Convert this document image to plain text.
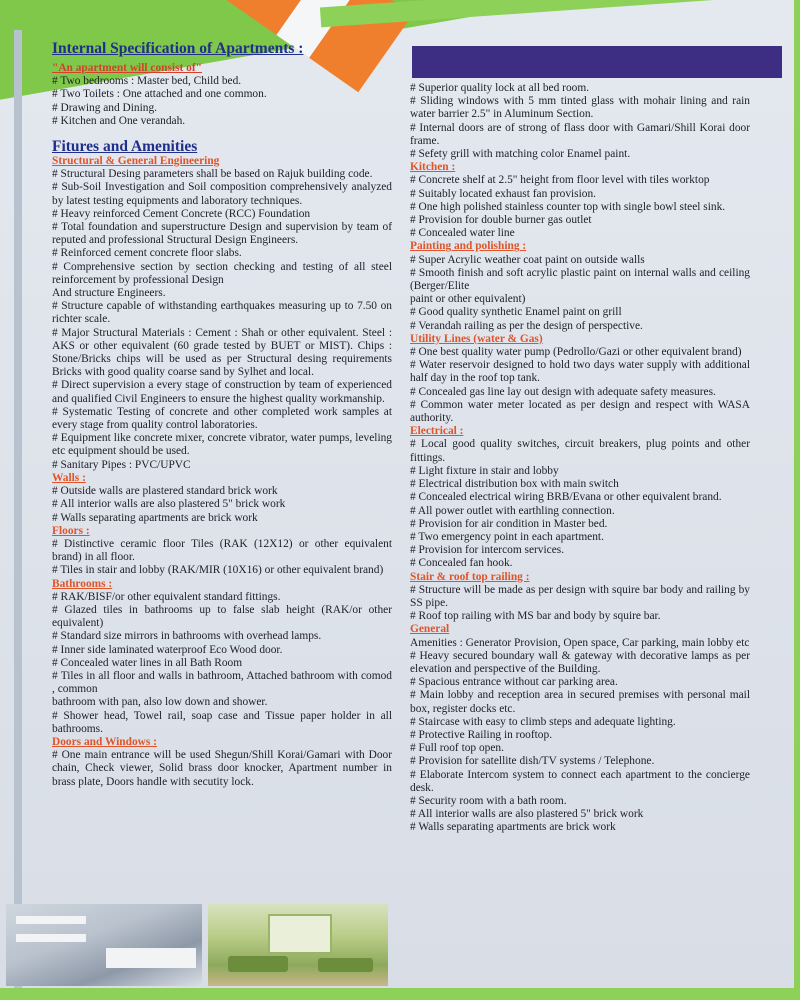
Internal Specification of Apartments :

"An apartment will consist of"

# Two bedrooms : Master bed, Child bed.

# Two Toilets : One attached and one common.

# Drawing and Dining.

# Kitchen and One verandah.

Fitures and Amenities

Structural & General Engineering

# Structural Desing parameters shall be based on Rajuk building code.

# Sub-Soil Investigation and Soil composition comprehensively analyzed by latest testing equipments and laboratory techniques.

# Heavy reinforced Cement Concrete (RCC) Foundation

# Total foundation and superstructure Design and supervision by team of reputed and professional Structural Design Engineers.

# Reinforced cement concrete floor slabs.

# Comprehensive section by section checking and testing of all steel reinforcement by professional Design

And structure Engineers.

# Structure capable of withstanding earthquakes measuring up to 7.50 on richter scale.

# Major Structural Materials : Cement : Shah or other equivalent. Steel : AKS or other equivalent (60 grade tested by BUET or MIST). Chips : Stone/Bricks chips will be used as per Structural desing requirements Bricks with good quality coarse sand by Sylhet and local.

# Direct supervision a every stage of construction by team of experienced and qualified Civil Engineers to ensure the highest quality workmanship.

# Systematic Testing of concrete and other completed work samples at every stage from quality control laboratories.

# Equipment like concrete mixer, concrete vibrator, water pumps, leveling etc equipment should be used.

# Sanitary Pipes : PVC/UPVC

Walls :

# Outside walls are plastered standard brick work

# All interior walls are also plastered 5" brick work

# Walls separating apartments are brick work

Floors :

# Distinctive ceramic floor Tiles (RAK (12X12) or other equivalent brand) in all floor.

# Tiles in stair and lobby (RAK/MIR (10X16) or other equivalent brand)

Bathrooms :

# RAK/BISF/or other equivalent standard fittings.

# Glazed tiles in bathrooms up to false slab height (RAK/or other equivalent)

# Standard size mirrors in bathrooms with overhead lamps.

# Inner side laminated waterproof Eco Wood door.

# Concealed water lines in all Bath Room

# Tiles in all floor and walls in bathroom, Attached bathroom with comod , common

bathroom with pan, also low down and shower.

# Shower head, Towel rail, soap case and Tissue paper holder in all bathrooms.

Doors and Windows :

# One main entrance will be used Shegun/Shill Korai/Gamari with Door chain, Check viewer, Solid brass door knocker, Apartment number in brass plate, Doors handle with secutity lock.

# Superior quality lock at all bed room.

# Sliding windows with 5 mm tinted glass with mohair lining and rain water barrier 2.5" in Aluminum Section.

# Internal doors are of strong of flass door with Gamari/Shill Korai door frame.

# Sefety grill with matching color Enamel paint.

Kitchen :

# Concrete shelf at 2.5" height from floor level with tiles worktop

# Suitably located exhaust fan provision.

# One high polished stainless counter top with single bowl steel sink.

# Provision for double burner gas outlet

# Concealed water line

Painting and polishing :

# Super Acrylic weather coat paint on outside walls

# Smooth finish and soft acrylic plastic paint on internal walls and ceiling (Berger/Elite

paint or other equivalent)

# Good quality synthetic Enamel paint on grill

# Verandah railing as per the design of perspective.

Utility Lines (water & Gas)

# One best quality water pump (Pedrollo/Gazi or other equivalent brand)

# Water reservoir designed to hold two days water supply with additional half day in the roof top tank.

# Concealed gas line lay out design with adequate safety measures.

# Common water meter located as per design and respect with WASA authority.

Electrical :

# Local good quality switches, circuit breakers, plug points and other fittings.

# Light fixture in stair and lobby

# Electrical distribution box with main switch

# Concealed electrical wiring BRB/Evana or other equivalent brand.

# All power outlet with earthling connection.

# Provision for air condition in Master bed.

# Two emergency point in each apartment.

# Provision for intercom services.

# Concealed fan hook.

Stair & roof top railing :

# Structure will be made as per design with squire bar body and railing by SS pipe.

# Roof top railing with MS bar and body by squire bar.

General

Amenities : Generator Provision, Open space, Car parking, main lobby etc

# Heavy secured boundary wall & gateway with decorative lamps as per elevation and perspective of the Building.

# Spacious entrance without car parking area.

# Main lobby and reception area in secured premises with personal mail box, register docks etc.

# Staircase with easy to climb steps and adequate lighting.

# Protective Railing in rooftop.

# Full roof top open.

# Provision for satellite dish/TV systems / Telephone.

# Elaborate Intercom system to connect each apartment to the concierge desk.

# Security room with a bath room.

# All interior walls are also plastered 5" brick work

# Walls separating apartments are brick work
